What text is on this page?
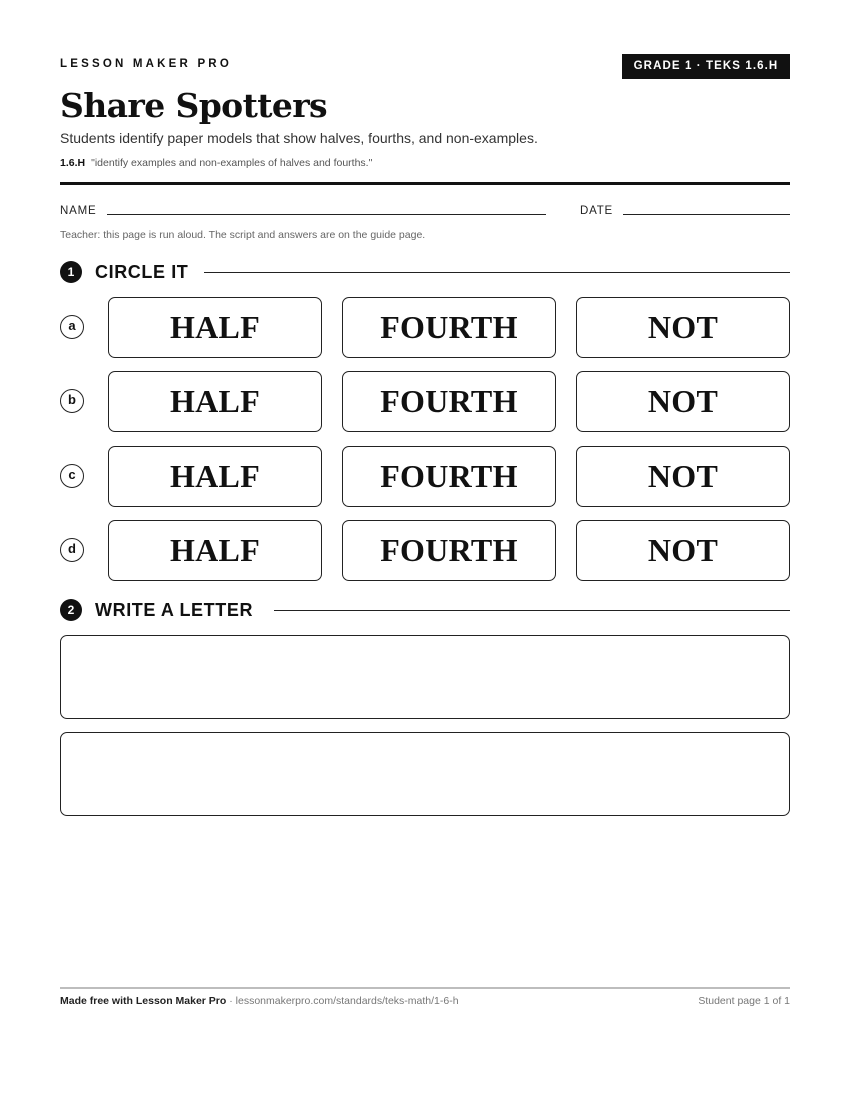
LESSON MAKER PRO	GRADE 1 · TEKS 1.6.H
Share Spotters
Students identify paper models that show halves, fourths, and non-examples.
1.6.H "identify examples and non-examples of halves and fourths."
NAME	DATE
Teacher: this page is run aloud. The script and answers are on the guide page.
1	CIRCLE IT
a	HALF	FOURTH	NOT
b	HALF	FOURTH	NOT
c	HALF	FOURTH	NOT
d	HALF	FOURTH	NOT
2	WRITE A LETTER
Made free with Lesson Maker Pro · lessonmakerpro.com/standards/teks-math/1-6-h	Student page 1 of 1
